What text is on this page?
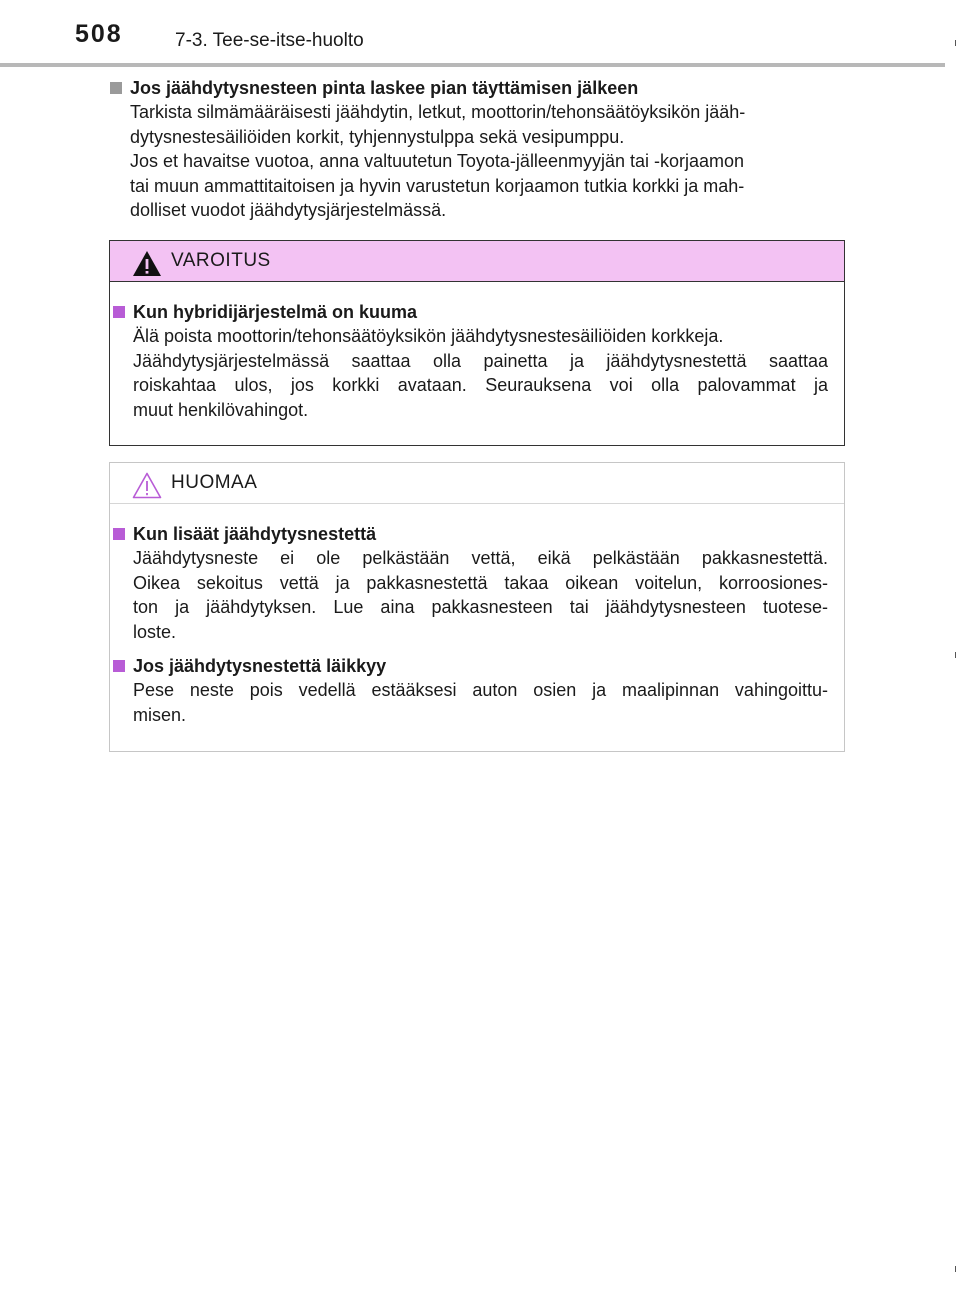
508	7-3. Tee-se-itse-huolto
Jos jäähdytysnesteen pinta laskee pian täyttämisen jälkeen
Tarkista silmämääräisesti jäähdytin, letkut, moottorin/tehonsäätöyksikön jääh-
dytysnestesäiliöiden korkit, tyhjennystulppa sekä vesipumppu.
Jos et havaitse vuotoa, anna valtuutetun Toyota-jälleenmyyjän tai -korjaamon
tai muun ammattitaitoisen ja hyvin varustetun korjaamon tutkia korkki ja mah-
dolliset vuodot jäähdytysjärjestelmässä.
VAROITUS
Kun hybridijärjestelmä on kuuma
Älä poista moottorin/tehonsäätöyksikön jäähdytysnestesäiliöiden korkkeja.
Jäähdytysjärjestelmässä saattaa olla painetta ja jäähdytysnestettä saattaa
roiskahtaa ulos, jos korkki avataan. Seurauksena voi olla palovammat ja
muut henkilövahingot.
HUOMAA
Kun lisäät jäähdytysnestettä
Jäähdytysneste ei ole pelkästään vettä, eikä pelkästään pakkasnestettä.
Oikea sekoitus vettä ja pakkasnestettä takaa oikean voitelun, korroosiones-
ton ja jäähdytyksen. Lue aina pakkasnesteen tai jäähdytysnesteen tuotese-
loste.
Jos jäähdytysnestettä läikkyy
Pese neste pois vedellä estääksesi auton osien ja maalipinnan vahingoittu-
misen.
